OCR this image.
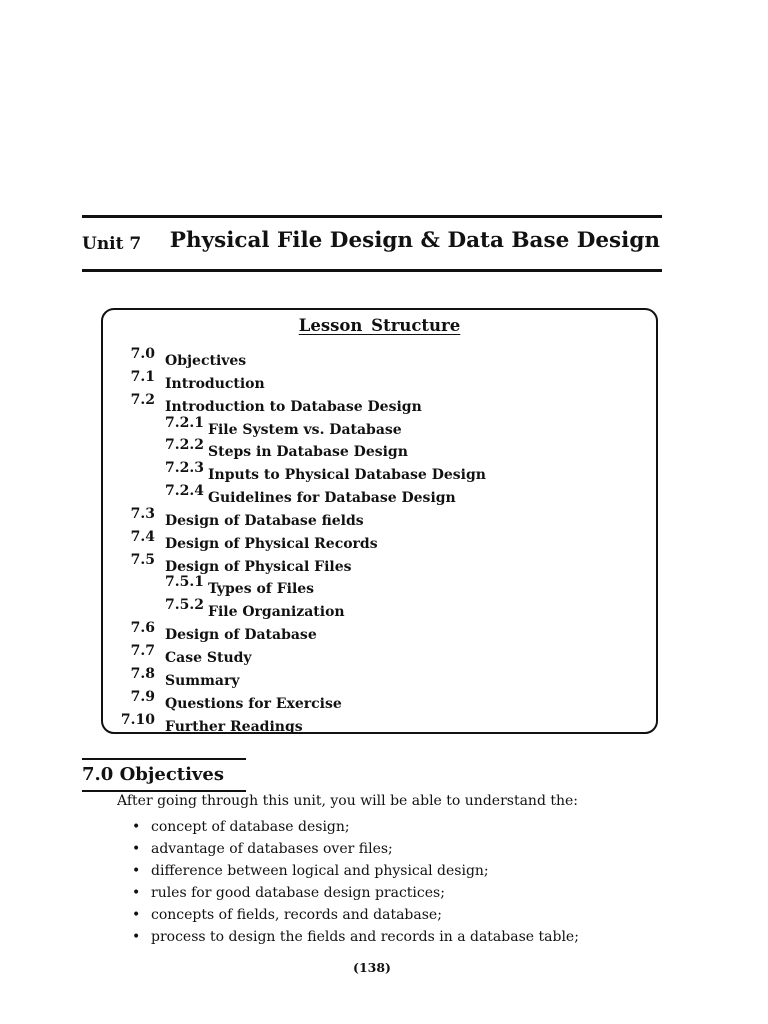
Unit 7 Physical File Design & Data Base Design
Lesson Structure
7.0 Objectives
7.1 Introduction
7.2 Introduction to Database Design
7.2.1 File System vs. Database
7.2.2 Steps in Database Design
7.2.3 Inputs to Physical Database Design
7.2.4 Guidelines for Database Design
7.3 Design of Database fields
7.4 Design of Physical Records
7.5 Design of Physical Files
7.5.1 Types of Files
7.5.2 File Organization
7.6 Design of Database
7.7 Case Study
7.8 Summary
7.9 Questions for Exercise
7.10 Further Readings
7.0 Objectives
After going through this unit, you will be able to understand the:
• concept of database design;
• advantage of databases over files;
• difference between logical and physical design;
• rules for good database design practices;
• concepts of fields, records and database;
• process to design the fields and records in a database table;
(138)
